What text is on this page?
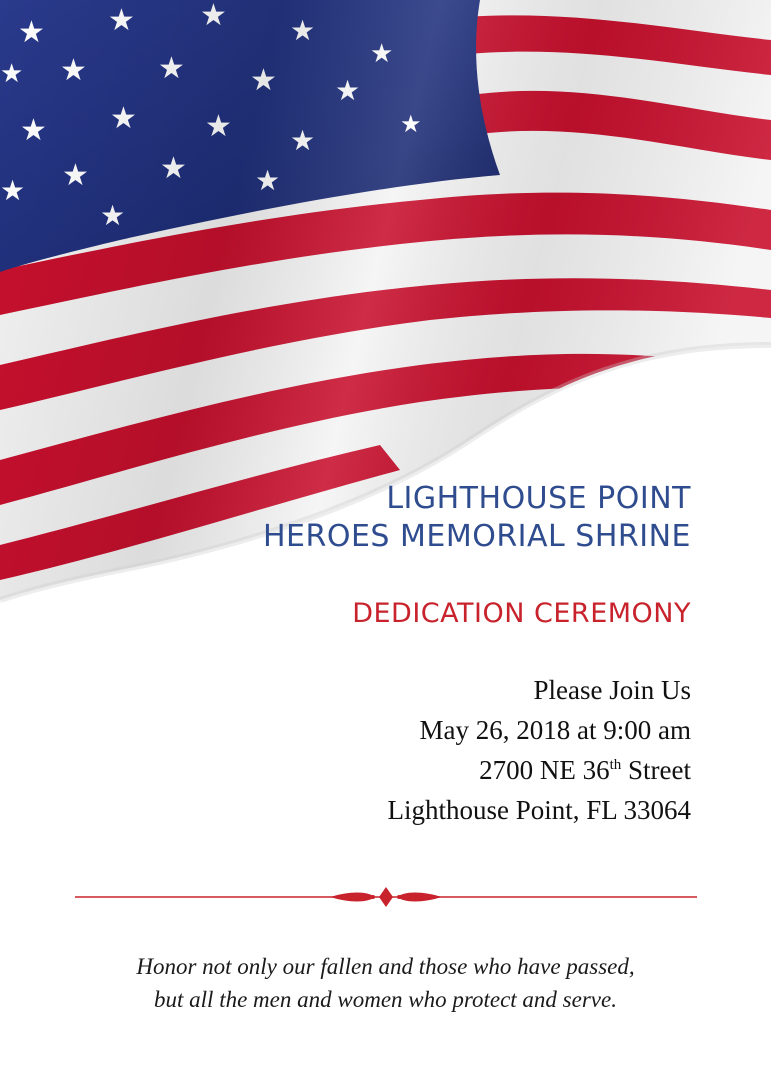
LIGHTHOUSE POINT
HEROES MEMORIAL SHRINE
DEDICATION CEREMONY
Please Join Us
May 26, 2018 at 9:00 am
2700 NE 36th Street
Lighthouse Point, FL 33064
Honor not only our fallen and those who have passed,
but all the men and women who protect and serve.
